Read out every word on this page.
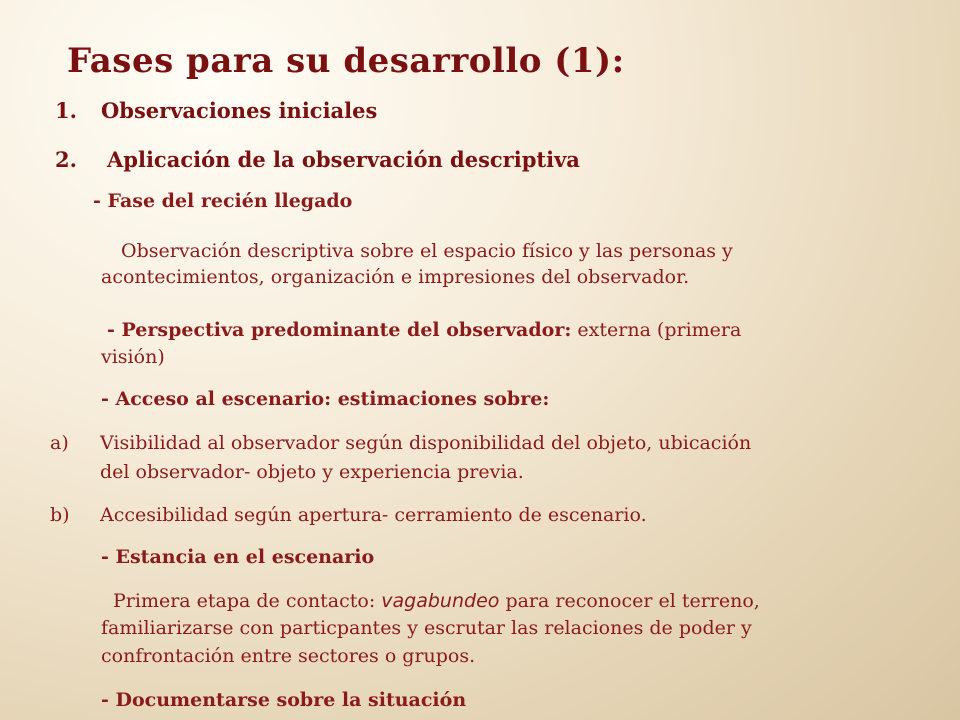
Fases para su desarrollo (1):
1. Observaciones iniciales
2. Aplicación de la observación descriptiva
- Fase del recién llegado
Observación descriptiva sobre el espacio físico y las personas y
acontecimientos, organización e impresiones del observador.
- Perspectiva predominante del observador: externa (primera
visión)
- Acceso al escenario: estimaciones sobre:
a) Visibilidad al observador según disponibilidad del objeto, ubicación
del observador- objeto y experiencia previa.
b) Accesibilidad según apertura- cerramiento de escenario.
- Estancia en el escenario
Primera etapa de contacto: vagabundeo para reconocer el terreno,
familiarizarse con particpantes y escrutar las relaciones de poder y
confrontación entre sectores o grupos.
- Documentarse sobre la situación
